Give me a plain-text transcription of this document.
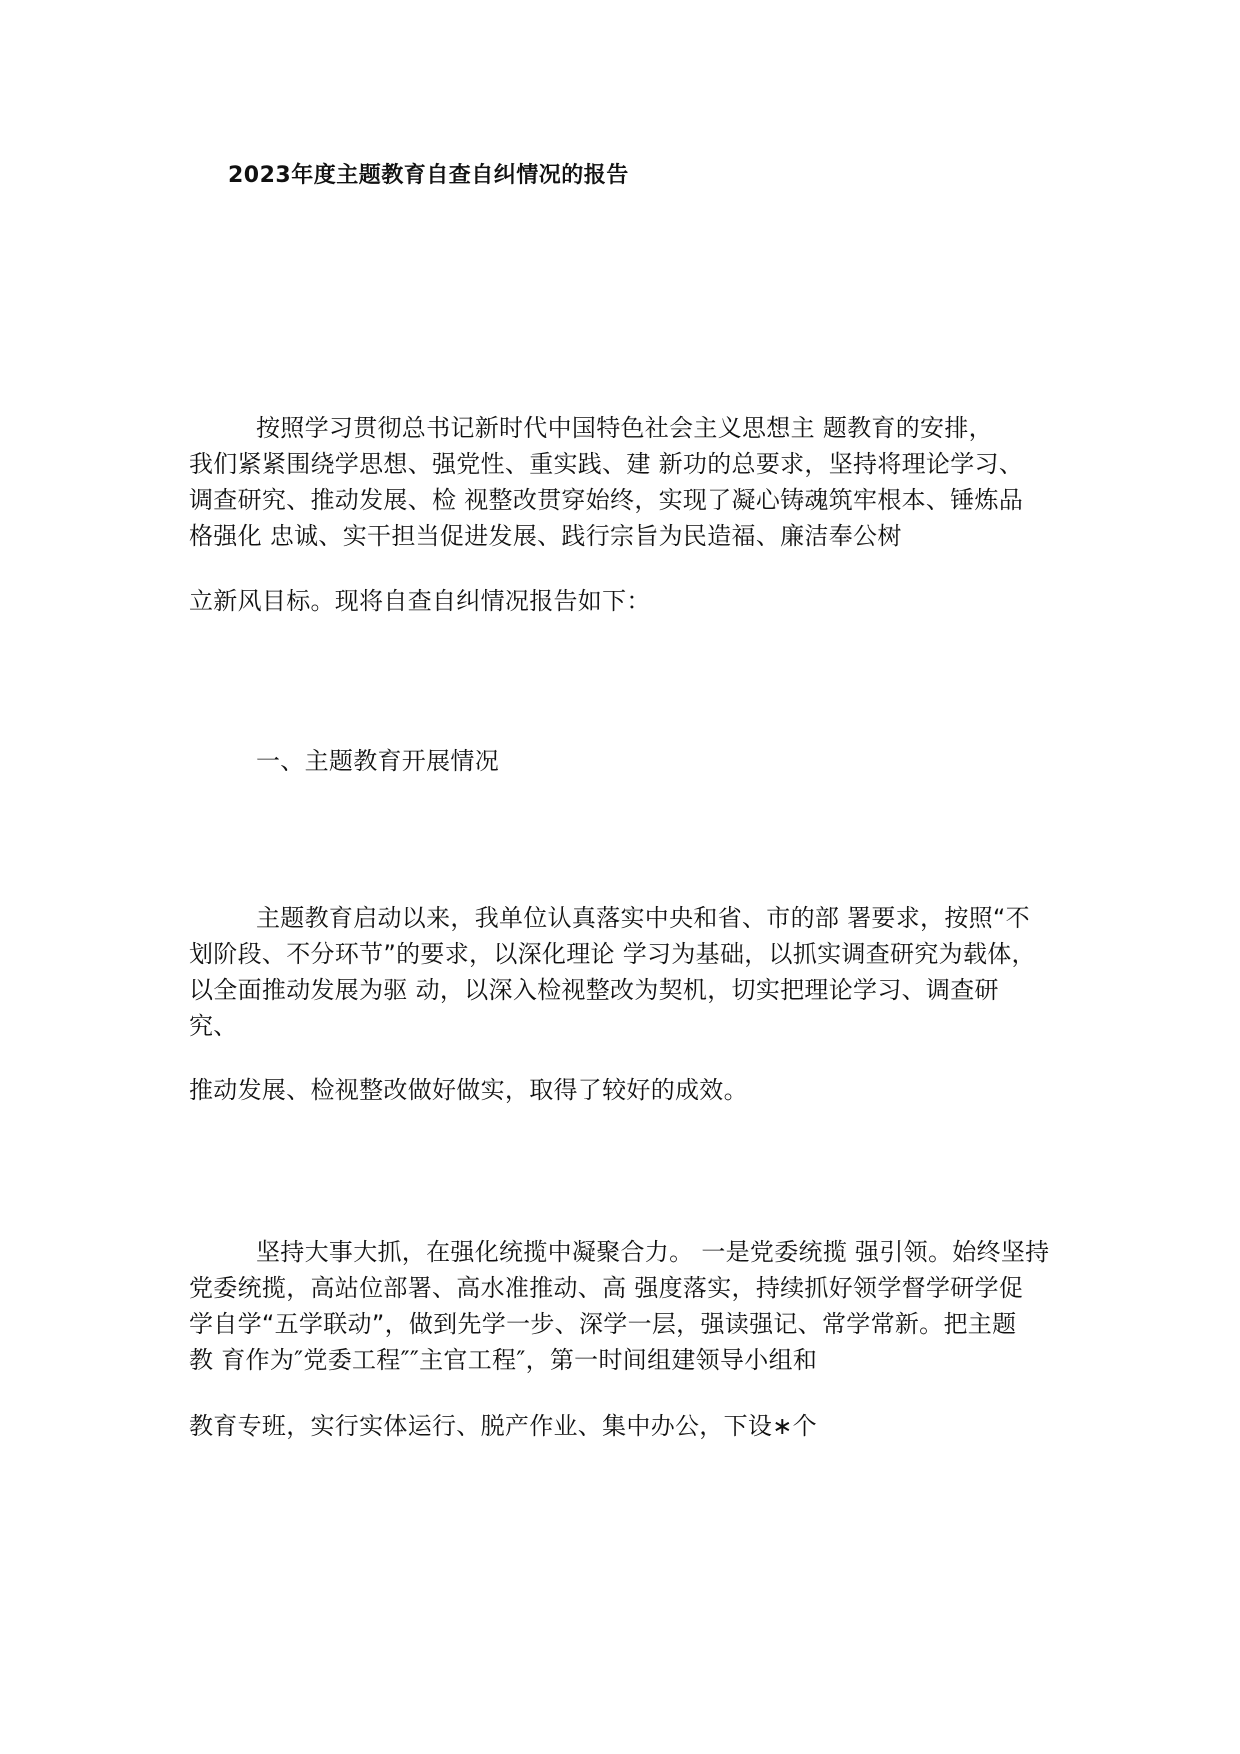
2023年度主题教育自查自纠情况的报告
按照学习贯彻总书记新时代中国特色社会主义思想主 题教育的安排，
我们紧紧围绕学思想、强党性、重实践、建 新功的总要求，坚持将理论学习、
调查研究、推动发展、检 视整改贯穿始终，实现了凝心铸魂筑牢根本、锤炼品
格强化 忠诚、实干担当促进发展、践行宗旨为民造福、廉洁奉公树
立新风目标。现将自查自纠情况报告如下：
一、主题教育开展情况
主题教育启动以来，我单位认真落实中央和省、市的部 署要求，按照“不
划阶段、不分环节”的要求，以深化理论 学习为基础，以抓实调查研究为载体，
以全面推动发展为驱 动，以深入检视整改为契机，切实把理论学习、调查研
究、
推动发展、检视整改做好做实，取得了较好的成效。
坚持大事大抓，在强化统揽中凝聚合力。 一是党委统揽 强引领。始终坚持
党委统揽，高站位部署、高水准推动、高 强度落实，持续抓好领学督学研学促
学自学“五学联动”，做到先学一步、深学一层，强读强记、常学常新。把主题
教 育作为″党委工程″″主官工程″，第一时间组建领导小组和
教育专班，实行实体运行、脱产作业、集中办公，下设∗个
